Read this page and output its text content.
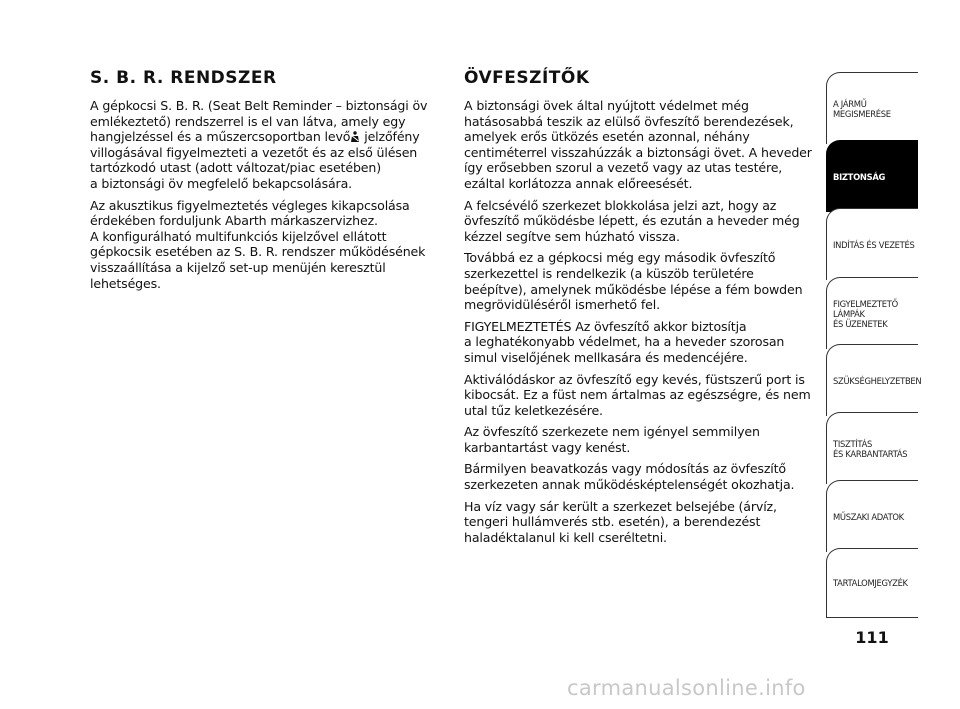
S. B. R. RENDSZER

A gépkocsi S. B. R. (Seat Belt Reminder – biztonsági öv
emlékeztető) rendszerrel is el van látva, amely egy
hangjelzéssel és a műszercsoportban levő jelzőfény
villogásával figyelmezteti a vezetőt és az első ülésen
tartózkodó utast (adott változat/piac esetében)
a biztonsági öv megfelelő bekapcsolására.

Az akusztikus figyelmeztetés végleges kikapcsolása
érdekében forduljunk Abarth márkaszervizhez.
A konfigurálható multifunkciós kijelzővel ellátott
gépkocsik esetében az S. B. R. rendszer működésének
visszaállítása a kijelző set-up menüjén keresztül
lehetséges.

ÖVFESZÍTŐK

A biztonsági övek által nyújtott védelmet még
hatásosabbá teszik az elülső övfeszítő berendezések,
amelyek erős ütközés esetén azonnal, néhány
centiméterrel visszahúzzák a biztonsági övet. A heveder
így erősebben szorul a vezető vagy az utas testére,
ezáltal korlátozza annak előreesését.

A felcsévélő szerkezet blokkolása jelzi azt, hogy az
övfeszítő működésbe lépett, és ezután a heveder még
kézzel segítve sem húzható vissza.

Továbbá ez a gépkocsi még egy második övfeszítő
szerkezettel is rendelkezik (a küszöb területére
beépítve), amelynek működésbe lépése a fém bowden
megrövidüléséről ismerhető fel.

FIGYELMEZTETÉS Az övfeszítő akkor biztosítja
a leghatékonyabb védelmet, ha a heveder szorosan
simul viselőjének mellkasára és medencéjére.

Aktiválódáskor az övfeszítő egy kevés, füstszerű port is
kibocsát. Ez a füst nem ártalmas az egészségre, és nem
utal tűz keletkezésére.

Az övfeszítő szerkezete nem igényel semmilyen
karbantartást vagy kenést.

Bármilyen beavatkozás vagy módosítás az övfeszítő
szerkezeten annak működésképtelenségét okozhatja.

Ha víz vagy sár került a szerkezet belsejébe (árvíz,
tengeri hullámverés stb. esetén), a berendezést
haladéktalanul ki kell cseréltetni.

A JÁRMŰ
MEGISMERÉSE
BIZTONSÁG
INDÍTÁS ÉS VEZETÉS
FIGYELMEZTETŐ
LÁMPÁK
ÉS ÜZENETEK
SZÜKSÉGHELYZETBEN
TISZTÍTÁS
ÉS KARBANTARTÁS
MŰSZAKI ADATOK
TARTALOMJEGYZÉK
111
carmanualsonline.info
